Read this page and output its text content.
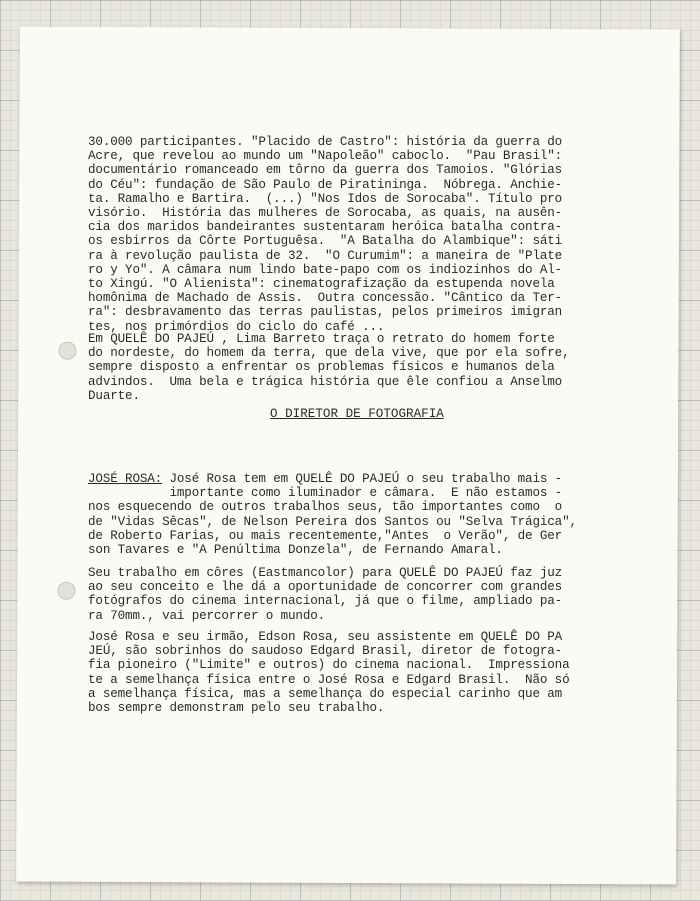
30.000 participantes. "Placido de Castro": história da guerra do
Acre, que revelou ao mundo um "Napoleão" caboclo.  "Pau Brasil":
documentário romanceado em tôrno da guerra dos Tamoios. "Glórias
do Céu": fundação de São Paulo de Piratininga.  Nóbrega. Anchie-
ta. Ramalho e Bartira.  (...) "Nos Idos de Sorocaba". Título pro
visório.  História das mulheres de Sorocaba, as quais, na ausên-
cia dos maridos bandeirantes sustentaram heróica batalha contra-
os esbirros da Côrte Portuguêsa.  "A Batalha do Alambique": sáti
ra à revolução paulista de 32.  "O Curumim": a maneira de "Plate
ro y Yo". A câmara num lindo bate-papo com os indiozinhos do Al-
to Xingú. "O Alienista": cinematografização da estupenda novela
homônima de Machado de Assis.  Outra concessão. "Cântico da Ter-
ra": desbravamento das terras paulistas, pelos primeiros imigran
tes, nos primórdios do ciclo do café ...
Em QUELÊ DO PAJEÚ , Lima Barreto traça o retrato do homem forte
do nordeste, do homem da terra, que dela vive, que por ela sofre,
sempre disposto a enfrentar os problemas físicos e humanos dela
advindos.  Uma bela e trágica história que êle confiou a Anselmo
Duarte.
O DIRETOR DE FOTOGRAFIA
JOSÉ ROSA: José Rosa tem em QUELÊ DO PAJEÚ o seu trabalho mais -
importante como iluminador e câmara.  E não estamos -
nos esquecendo de outros trabalhos seus, tão importantes como  o
de "Vidas Sêcas", de Nelson Pereira dos Santos ou "Selva Trágica",
de Roberto Farias, ou mais recentemente,"Antes  o Verão", de Ger
son Tavares e "A Penúltima Donzela", de Fernando Amaral.
Seu trabalho em côres (Eastmancolor) para QUELÊ DO PAJEÚ faz juz
ao seu conceito e lhe dá a oportunidade de concorrer com grandes
fotógrafos do cinema internacional, já que o filme, ampliado pa-
ra 70mm., vai percorrer o mundo.
José Rosa e seu irmão, Edson Rosa, seu assistente em QUELÊ DO PA
JEÚ, são sobrinhos do saudoso Edgard Brasil, diretor de fotogra-
fia pioneiro ("Limite" e outros) do cinema nacional.  Impressiona
te a semelhança física entre o José Rosa e Edgard Brasil.  Não só
a semelhança física, mas a semelhança do especial carinho que am
bos sempre demonstram pelo seu trabalho.
